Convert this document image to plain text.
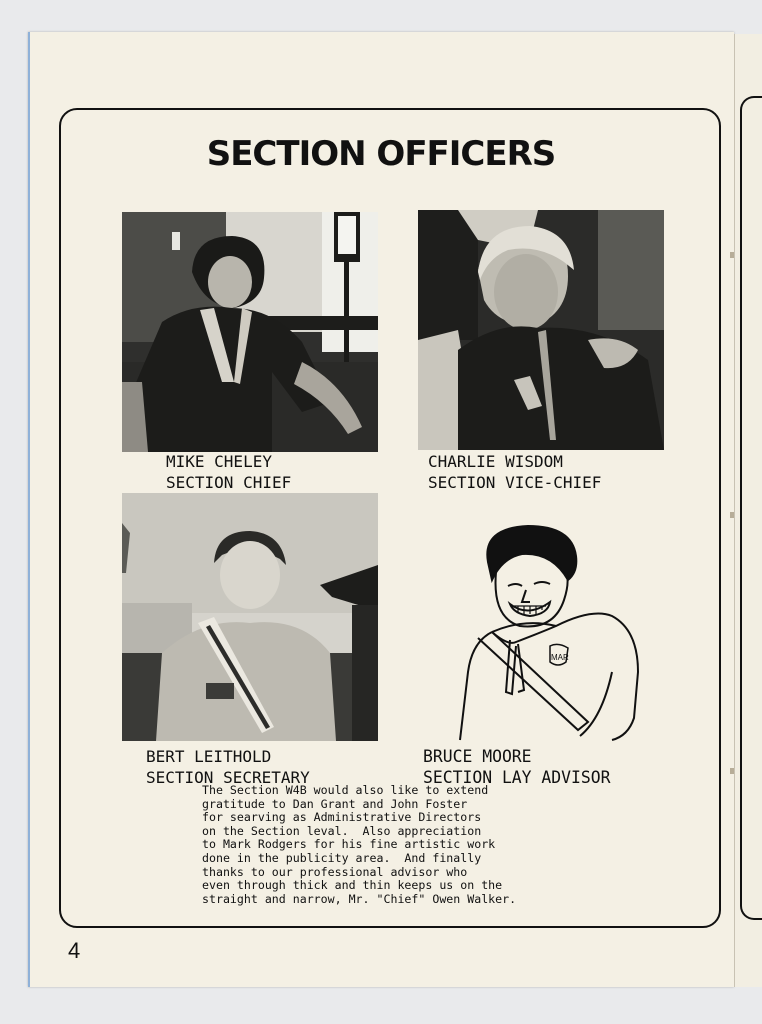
SECTION OFFICERS
MIKE CHELEY
SECTION CHIEF
CHARLIE WISDOM
SECTION VICE-CHIEF
BERT LEITHOLD
SECTION SECRETARY
MAR
BRUCE MOORE
SECTION LAY ADVISOR
The Section W4B would also like to extend
gratitude to Dan Grant and John Foster
for searving as Administrative Directors
on the Section leval.  Also appreciation
to Mark Rodgers for his fine artistic work
done in the publicity area.  And finally
thanks to our professional advisor who
even through thick and thin keeps us on the
straight and narrow, Mr. "Chief" Owen Walker.
4
